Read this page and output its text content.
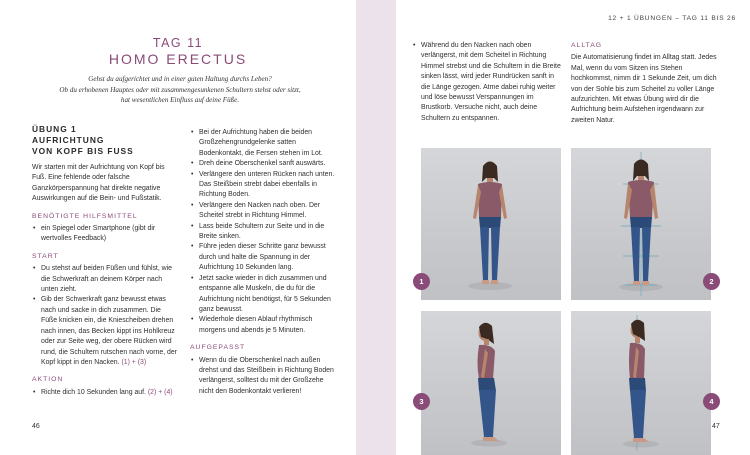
TAG 11
HOMO ERECTUS
Gehst du aufgerichtet und in einer guten Haltung durchs Leben?
Ob du erhobenen Hauptes oder mit zusammengesunkenen Schultern stehst oder sitzt,
hat wesentlichen Einfluss auf deine Füße.
ÜBUNG 1
AUFRICHTUNG
VON KOPF BIS FUSS
Wir starten mit der Aufrichtung von Kopf bis Fuß. Eine fehlende oder falsche Ganzkörperspannung hat direkte negative Auswirkungen auf die Bein- und Fußstatik.
BENÖTIGTE HILFSMITTEL
• ein Spiegel oder Smartphone (gibt dir wertvolles Feedback)
START
• Du stehst auf beiden Füßen und fühlst, wie die Schwerkraft an deinem Körper nach unten zieht.
• Gib der Schwerkraft ganz bewusst etwas nach und sacke in dich zusammen. Die Füße knicken ein, die Kniescheiben drehen nach innen, das Becken kippt ins Hohlkreuz oder zur Seite weg, der obere Rücken wird rund, die Schultern rutschen nach vorne, der Kopf kippt in den Nacken. (1) + (3)
AKTION
• Richte dich 10 Sekunden lang auf. (2) + (4)
• Bei der Aufrichtung haben die beiden Großzehengrundgelenke satten Bodenkontakt, die Fersen stehen im Lot.
• Dreh deine Oberschenkel sanft auswärts.
• Verlängere den unteren Rücken nach unten. Das Steißbein strebt dabei ebenfalls in Richtung Boden.
• Verlängere den Nacken nach oben. Der Scheitel strebt in Richtung Himmel.
• Lass beide Schultern zur Seite und in die Breite sinken.
• Führe jeden dieser Schritte ganz bewusst durch und halte die Spannung in der Aufrichtung 10 Sekunden lang.
• Jetzt sacke wieder in dich zusammen und entspanne alle Muskeln, die du für die Aufrichtung nicht benötigst, für 5 Sekunden ganz bewusst.
• Wiederhole diesen Ablauf rhythmisch morgens und abends je 5 Minuten.
AUFGEPASST
• Wenn du die Oberschenkel nach außen drehst und das Steißbein in Richtung Boden verlängerst, solltest du mit der Großzehe nicht den Bodenkontakt verlieren!
46
12 + 1 ÜBUNGEN – TAG 11 BIS 26
• Während du den Nacken nach oben verlängerst, mit dem Scheitel in Richtung Himmel strebst und die Schultern in die Breite sinken lässt, wird jeder Rundrücken sanft in die Länge gezogen. Atme dabei ruhig weiter und löse bewusst Verspannungen im Brustkorb. Versuche nicht, auch deine Schultern zu entspannen.
ALLTAG
Die Automatisierung findet im Alltag statt. Jedes Mal, wenn du vom Sitzen ins Stehen hochkommst, nimm dir 1 Sekunde Zeit, um dich von der Sohle bis zum Scheitel zu voller Länge aufzurichten. Mit etwas Übung wird dir die Aufrichtung beim Aufstehen irgendwann zur zweiten Natur.
1	2
3	4
47
